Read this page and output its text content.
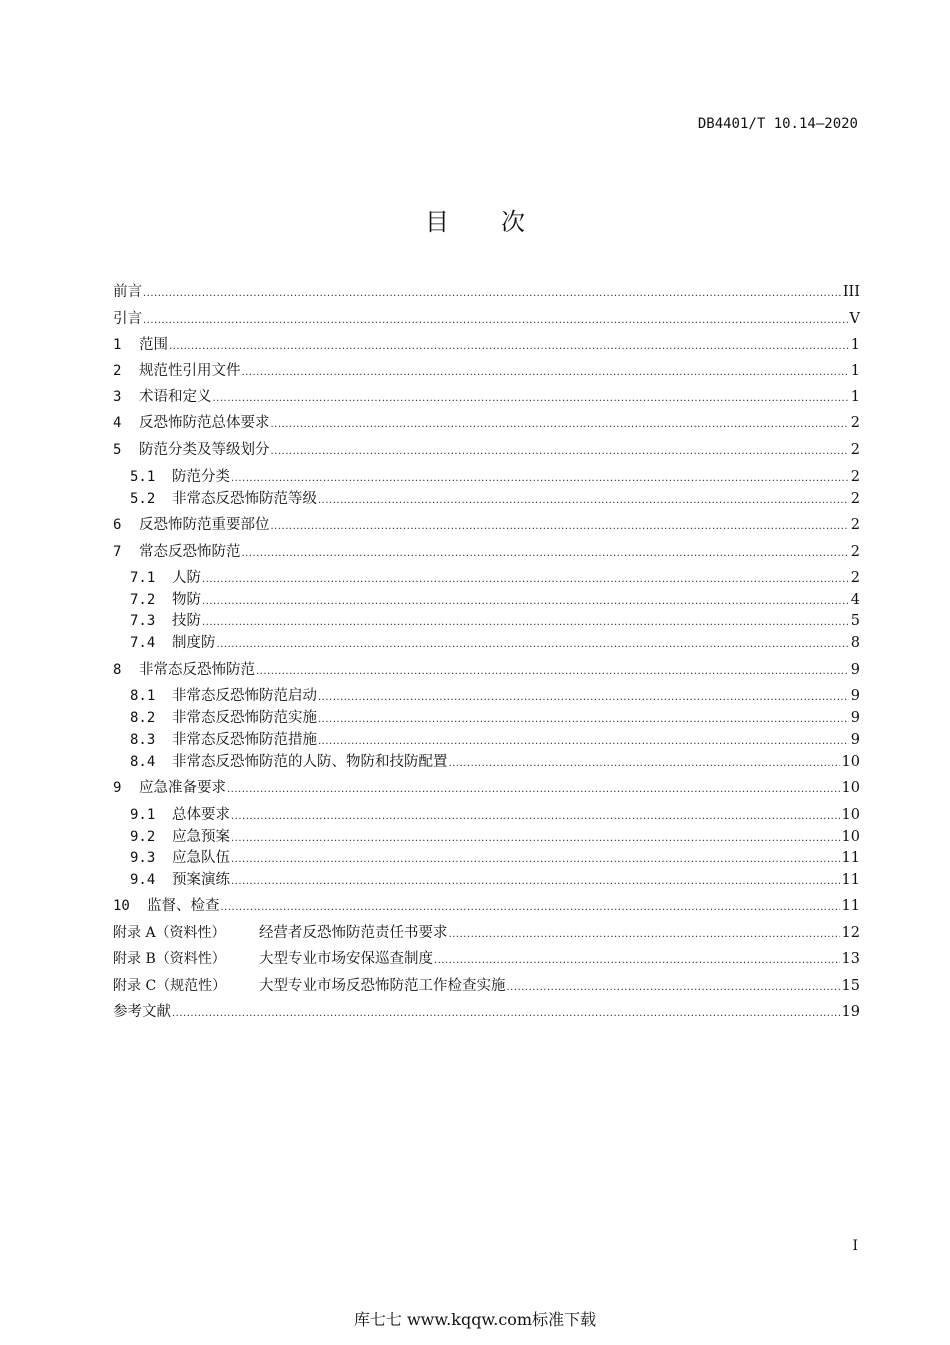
DB4401/T 10.14—2020
目次
前言 .....	III
引言 .....	V
1	范围 .....	1
2	规范性引用文件 .....	1
3	术语和定义 .....	1
4	反恐怖防范总体要求 .....	2
5	防范分类及等级划分 .....	2
5.1	防范分类 .....	2
5.2	非常态反恐怖防范等级 .....	2
6	反恐怖防范重要部位 .....	2
7	常态反恐怖防范 .....	2
7.1	人防 .....	2
7.2	物防 .....	4
7.3	技防 .....	5
7.4	制度防 .....	8
8	非常态反恐怖防范 .....	9
8.1	非常态反恐怖防范启动 .....	9
8.2	非常态反恐怖防范实施 .....	9
8.3	非常态反恐怖防范措施 .....	9
8.4	非常态反恐怖防范的人防、物防和技防配置 .....	10
9	应急准备要求 .....	10
9.1	总体要求 .....	10
9.2	应急预案 .....	10
9.3	应急队伍 .....	11
9.4	预案演练 .....	11
10	监督、检查 .....	11
附录 A（资料性）	经营者反恐怖防范责任书要求 .....	12
附录 B（资料性）	大型专业市场安保巡查制度 .....	13
附录 C（规范性）	大型专业市场反恐怖防范工作检查实施 .....	15
参考文献 .....	19
I
库七七 www.kqqw.com标准下载
